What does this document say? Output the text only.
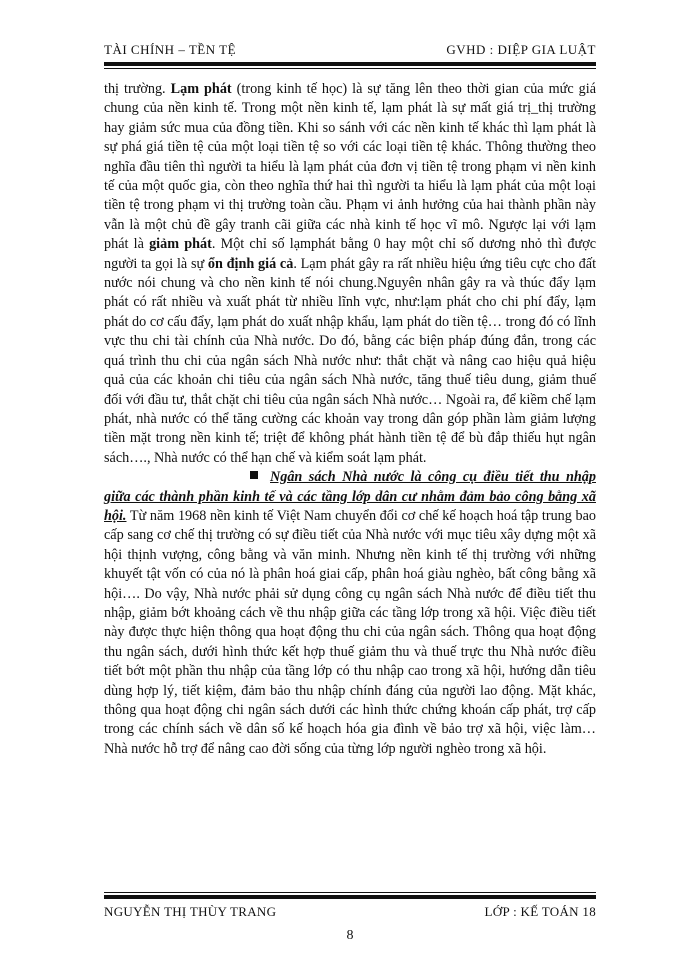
TÀI CHÍNH – TỀN TỆ	GVHD : DIỆP GIA LUẬT

thị trường. Lạm phát (trong kinh tế học) là sự tăng lên theo thời gian của mức giá chung của nền kinh tế. Trong một nền kinh tế, lạm phát là sự mất giá trị_thị trường hay giảm sức mua của đồng tiền. Khi so sánh với các nền kinh tế khác thì lạm phát là sự phá giá tiền tệ của một loại tiền tệ so với các loại tiền tệ khác. Thông thường theo nghĩa đầu tiên thì người ta hiểu là lạm phát của đơn vị tiền tệ trong phạm vi nền kinh tế của một quốc gia, còn theo nghĩa thứ hai thì người ta hiểu là lạm phát của một loại tiền tệ trong phạm vi thị trường toàn cầu. Phạm vi ảnh hưởng của hai thành phần này vẫn là một chủ đề gây tranh cãi giữa các nhà kinh tế học vĩ mô. Ngược lại với lạm phát là giảm phát. Một chỉ số lạmphát bằng 0 hay một chỉ số dương nhỏ thì được người ta gọi là sự ổn định giá cả. Lạm phát gây ra rất nhiều hiệu ứng tiêu cực cho đất nước nói chung và cho nền kinh tế nói chung.Nguyên nhân gây ra và thúc đẩy lạm phát có rất nhiều và xuất phát từ nhiều lĩnh vực, như:lạm phát cho chi phí đẩy, lạm phát do cơ cấu đẩy, lạm phát do xuất nhập khẩu, lạm phát do tiền tệ… trong đó có lĩnh vực thu chi tài chính của Nhà nước. Do đó, bằng các biện pháp đúng đắn, trong các quá trình thu chi của ngân sách Nhà nước như: thắt chặt và nâng cao hiệu quả hiệu quả của các khoản chi tiêu của ngân sách Nhà nước, tăng thuế tiêu dung, giảm thuế đối với đầu tư, thắt chặt chi tiêu của ngân sách Nhà nước… Ngoài ra, để kiềm chế lạm phát, nhà nước có thể tăng cường các khoản vay trong dân góp phần làm giảm lượng tiền mặt trong nền kinh tế; triệt để không phát hành tiền tệ để bù đắp thiếu hụt ngân sách…., Nhà nước có thể hạn chế và kiểm soát lạm phát.

Ngân sách Nhà nước là công cụ điều tiết thu nhập giữa các thành phần kinh tế và các tầng lớp dân cư nhằm đảm bảo công bằng xã hội. Từ năm 1968 nền kinh tế Việt Nam chuyển đổi cơ chế kế hoạch hoá tập trung bao cấp sang cơ chế thị trường có sự điều tiết của Nhà nước với mục tiêu xây dựng một xã hội thịnh vượng, công bằng và văn minh. Nhưng nền kinh tế thị trường với những khuyết tật vốn có của nó là phân hoá giai cấp, phân hoá giàu nghèo, bất công bằng xã hội…. Do vậy, Nhà nước phải sử dụng công cụ ngân sách Nhà nước để điều tiết thu nhập, giảm bớt khoảng cách về thu nhập giữa các tầng lớp trong xã hội. Việc điều tiết này được thực hiện thông qua hoạt động thu chi của ngân sách. Thông qua hoạt động thu ngân sách, dưới hình thức kết hợp thuế giảm thu và thuế trực thu Nhà nước điều tiết bớt một phần thu nhập của tầng lớp có thu nhập cao trong xã hội, hướng dẫn tiêu dùng hợp lý, tiết kiệm, đảm bảo thu nhập chính đáng của người lao động. Mặt khác, thông qua hoạt động chi ngân sách dưới các hình thức chứng khoán cấp phát, trợ cấp trong các chính sách về dân số kế hoạch hóa gia đình về bảo trợ xã hội, việc làm… Nhà nước hỗ trợ để nâng cao đời sống của từng lớp người nghèo trong xã hội.

NGUYỄN THỊ THÙY TRANG	LỚP : KẾ TOÁN 18
8
